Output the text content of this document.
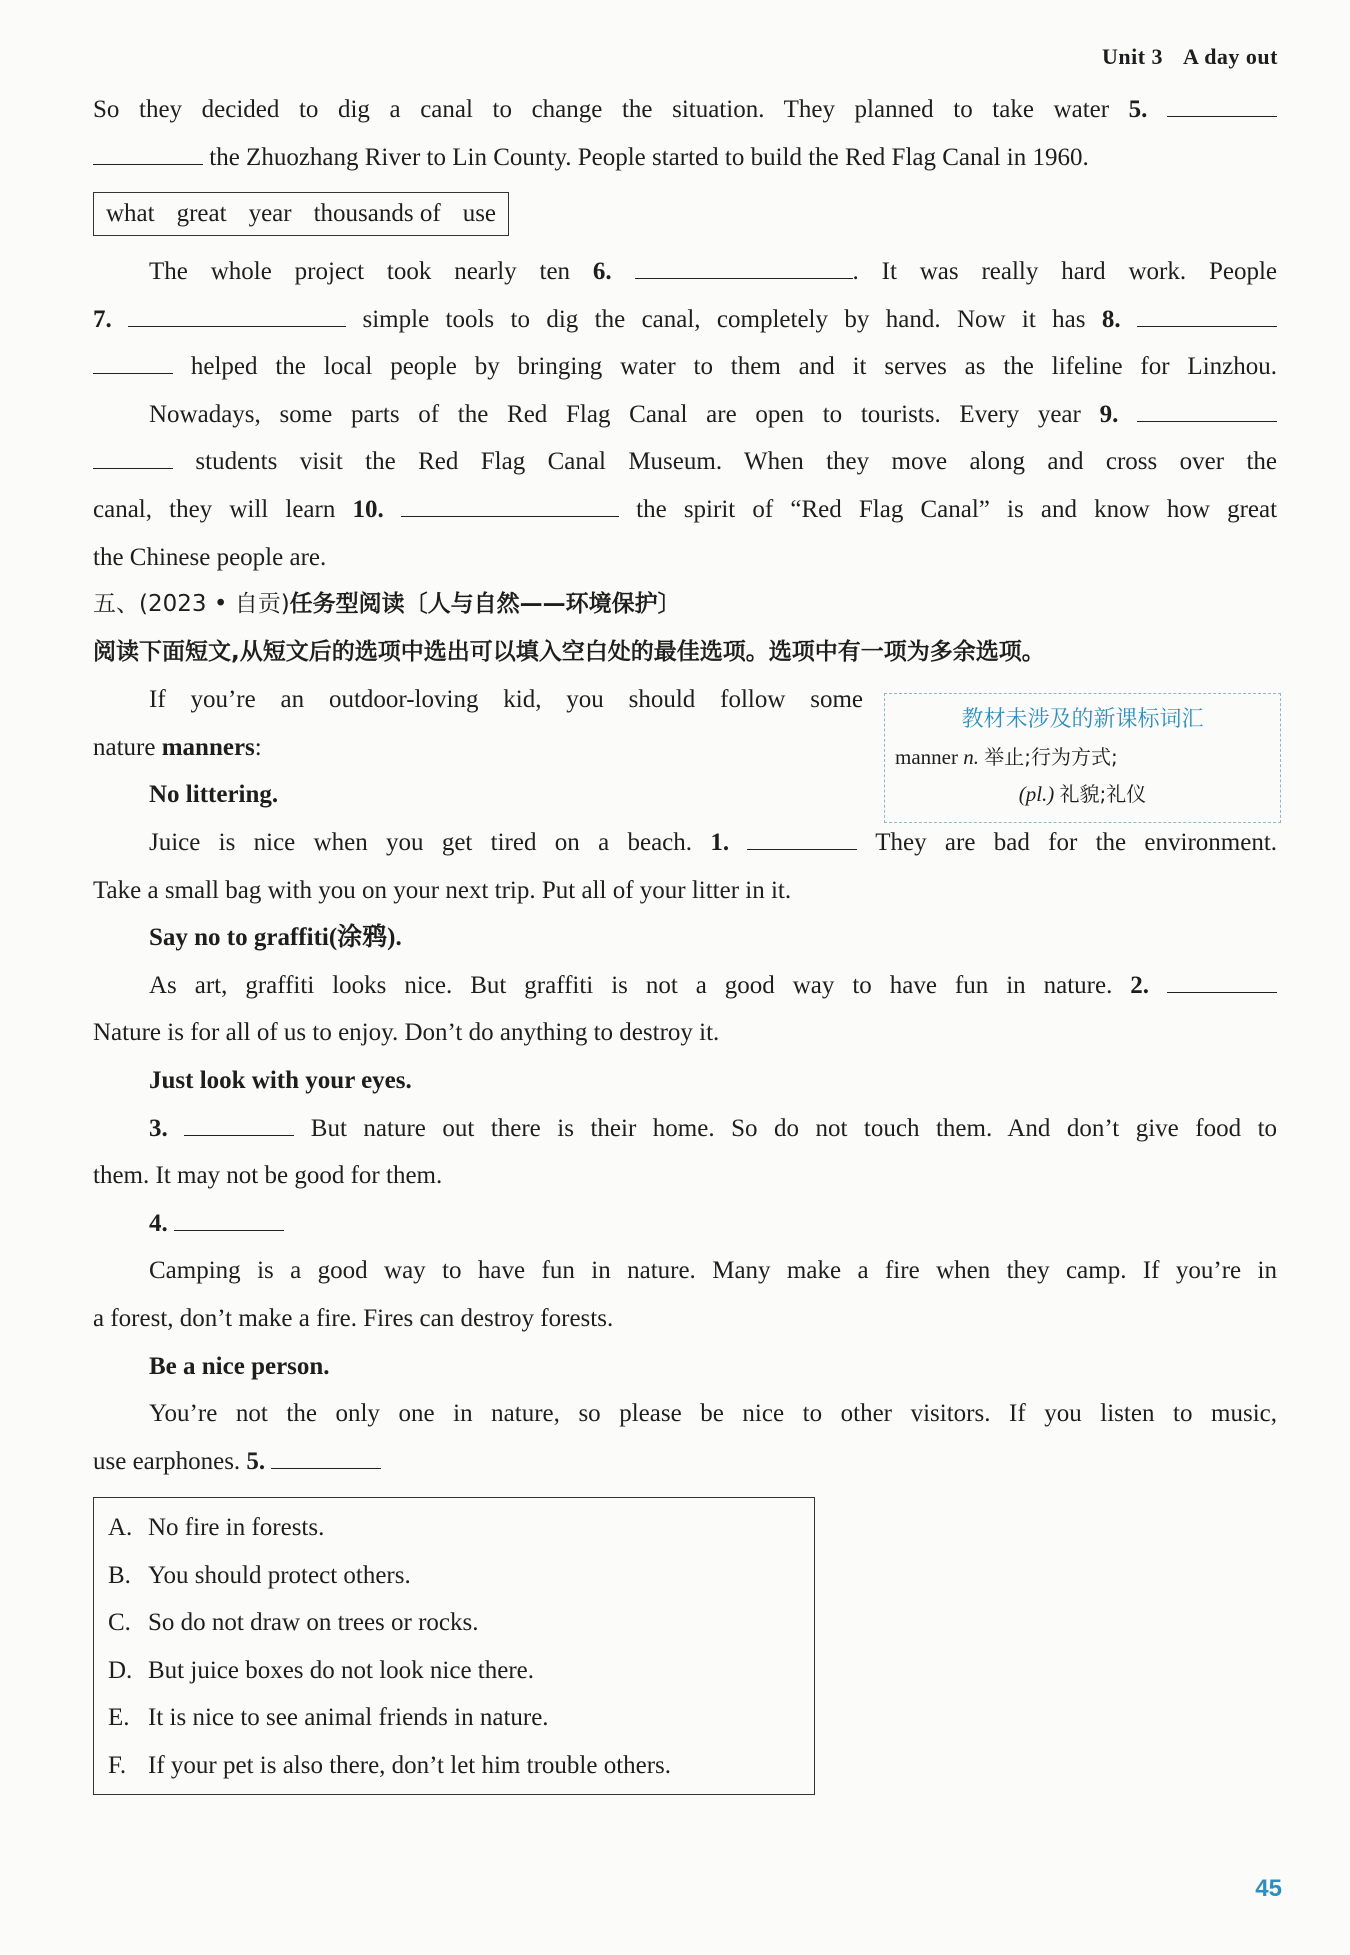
Unit 3 A day out

So they decided to dig a canal to change the situation. They planned to take water 5.

the Zhuozhang River to Lin County. People started to build the Red Flag Canal in 1960.

what great year thousands of use

The whole project took nearly ten 6.	. It was really hard work. People

7.	simple tools to dig the canal, completely by hand. Now it has 8.

helped the local people by bringing water to them and it serves as the lifeline for Linzhou.

Nowadays, some parts of the Red Flag Canal are open to tourists. Every year 9.

students visit the Red Flag Canal Museum. When they move along and cross over the

canal, they will learn 10.	the spirit of “Red Flag Canal” is and know how great

the Chinese people are.

五、(2023 • 自贡)任务型阅读〔人与自然——环境保护〕
阅读下面短文,从短文后的选项中选出可以填入空白处的最佳选项。选项中有一项为多余选项。
教材未涉及的新课标词汇
manner n. 举止;行为方式;
(pl.) 礼貌;礼仪

If you’re an outdoor-loving kid, you should follow some

nature manners:

No littering.

Juice is nice when you get tired on a beach. 1.	They are bad for the environment.

Take a small bag with you on your next trip. Put all of your litter in it.

Say no to graffiti(涂鸦).

As art, graffiti looks nice. But graffiti is not a good way to have fun in nature. 2.

Nature is for all of us to enjoy. Don’t do anything to destroy it.

Just look with your eyes.

3.	But nature out there is their home. So do not touch them. And don’t give food to

them. It may not be good for them.

4.

Camping is a good way to have fun in nature. Many make a fire when they camp. If you’re in

a forest, don’t make a fire. Fires can destroy forests.

Be a nice person.

You’re not the only one in nature, so please be nice to other visitors. If you listen to music,

use earphones. 5.

A. No fire in forests.
B. You should protect others.
C. So do not draw on trees or rocks.
D. But juice boxes do not look nice there.
E. It is nice to see animal friends in nature.
F. If your pet is also there, don’t let him trouble others.
45
